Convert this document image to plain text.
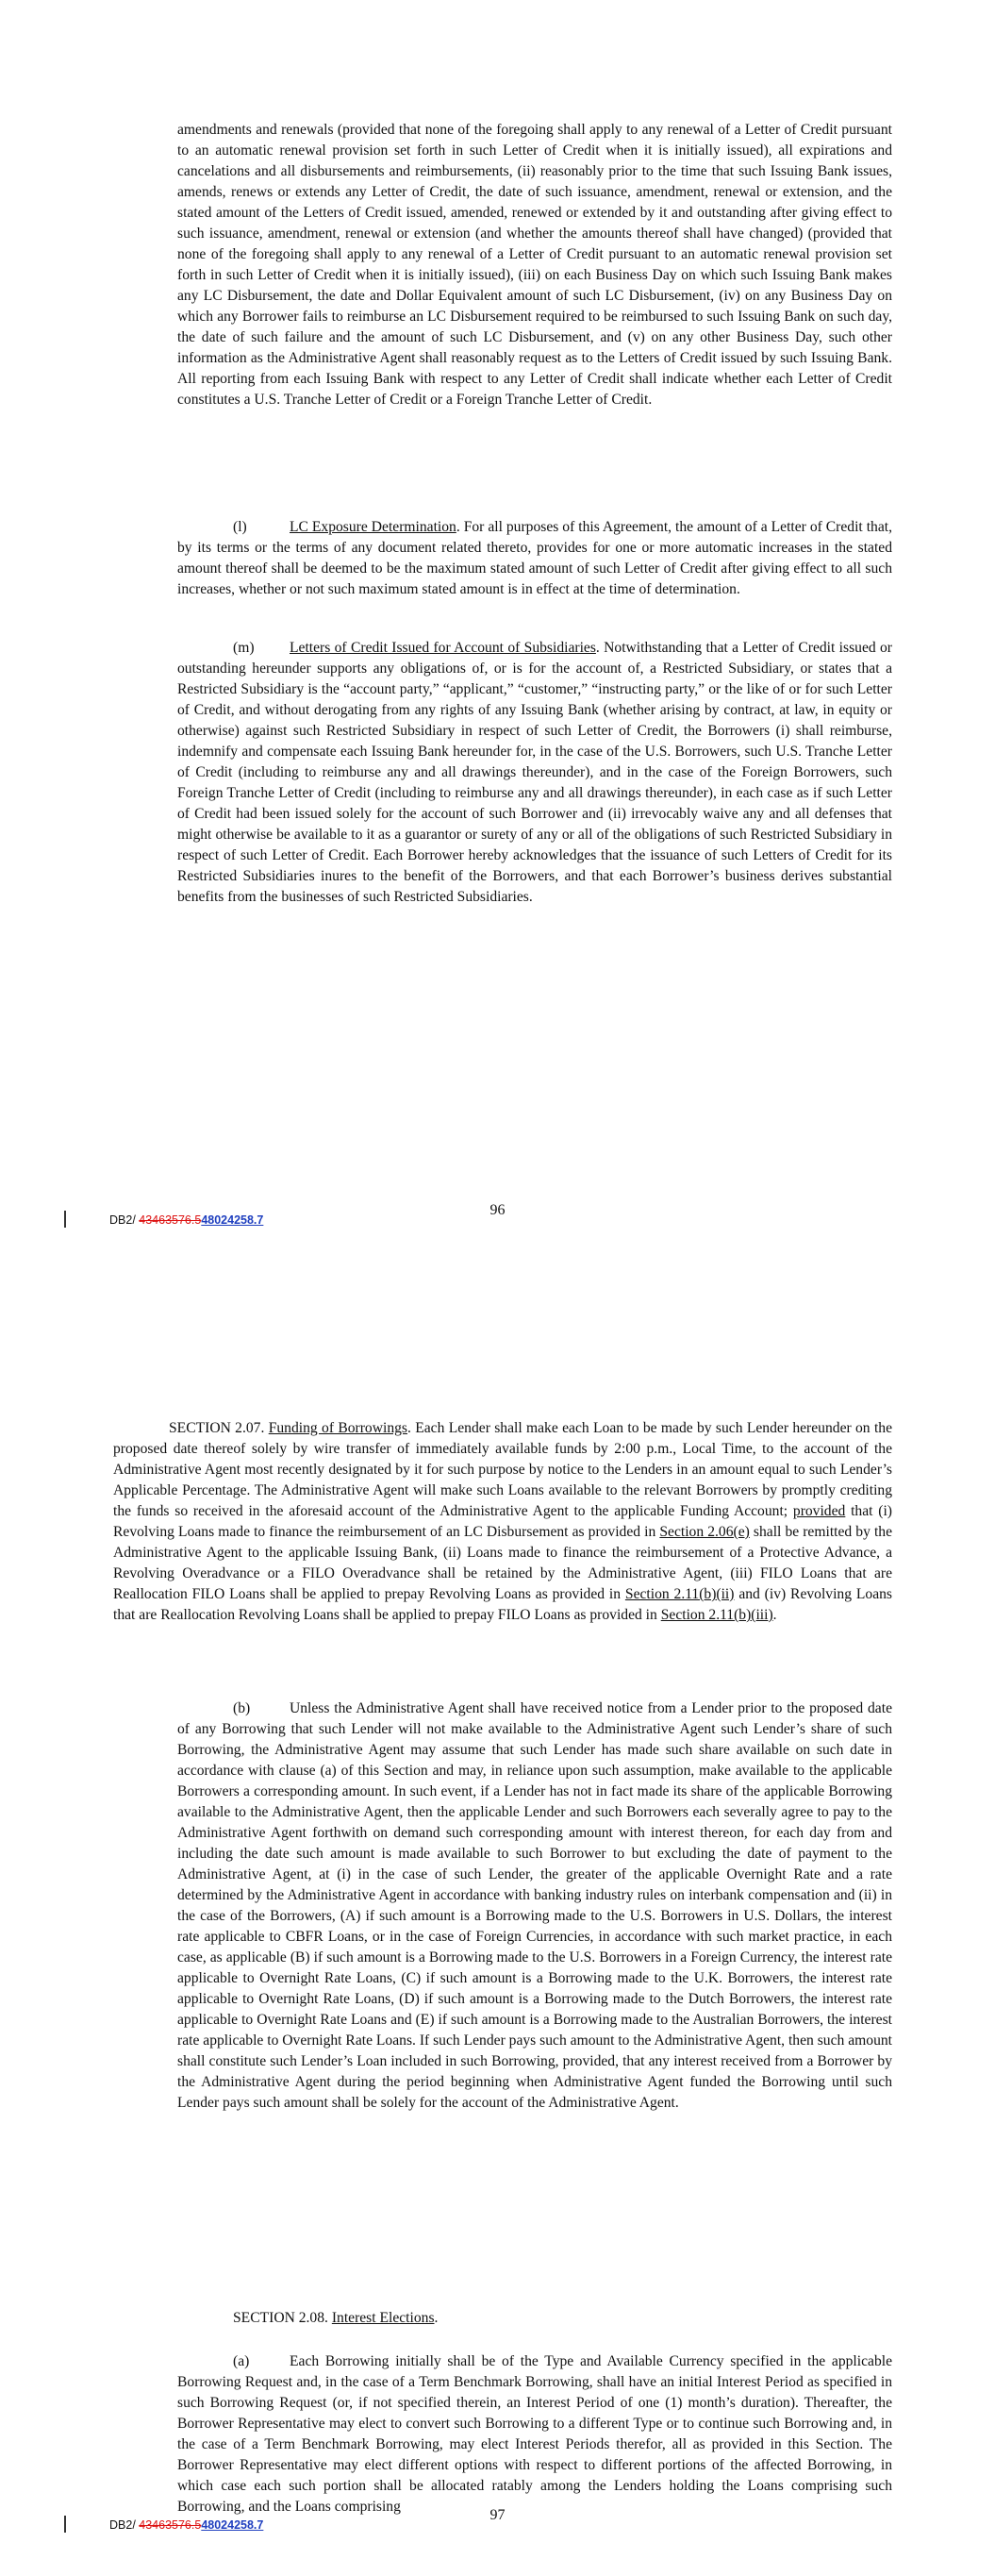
amendments and renewals (provided that none of the foregoing shall apply to any renewal of a Letter of Credit pursuant to an automatic renewal provision set forth in such Letter of Credit when it is initially issued), all expirations and cancelations and all disbursements and reimbursements, (ii) reasonably prior to the time that such Issuing Bank issues, amends, renews or extends any Letter of Credit, the date of such issuance, amendment, renewal or extension, and the stated amount of the Letters of Credit issued, amended, renewed or extended by it and outstanding after giving effect to such issuance, amendment, renewal or extension (and whether the amounts thereof shall have changed) (provided that none of the foregoing shall apply to any renewal of a Letter of Credit pursuant to an automatic renewal provision set forth in such Letter of Credit when it is initially issued), (iii) on each Business Day on which such Issuing Bank makes any LC Disbursement, the date and Dollar Equivalent amount of such LC Disbursement, (iv) on any Business Day on which any Borrower fails to reimburse an LC Disbursement required to be reimbursed to such Issuing Bank on such day, the date of such failure and the amount of such LC Disbursement, and (v) on any other Business Day, such other information as the Administrative Agent shall reasonably request as to the Letters of Credit issued by such Issuing Bank. All reporting from each Issuing Bank with respect to any Letter of Credit shall indicate whether each Letter of Credit constitutes a U.S. Tranche Letter of Credit or a Foreign Tranche Letter of Credit.

(l)	LC Exposure Determination. For all purposes of this Agreement, the amount of a Letter of Credit that, by its terms or the terms of any document related thereto, provides for one or more automatic increases in the stated amount thereof shall be deemed to be the maximum stated amount of such Letter of Credit after giving effect to all such increases, whether or not such maximum stated amount is in effect at the time of determination.

(m) Letters of Credit Issued for Account of Subsidiaries. Notwithstanding that a Letter of Credit issued or outstanding hereunder supports any obligations of, or is for the account of, a Restricted Subsidiary, or states that a Restricted Subsidiary is the “account party,” “applicant,” “customer,” “instructing party,” or the like of or for such Letter of Credit, and without derogating from any rights of any Issuing Bank (whether arising by contract, at law, in equity or otherwise) against such Restricted Subsidiary in respect of such Letter of Credit, the Borrowers (i) shall reimburse, indemnify and compensate each Issuing Bank hereunder for, in the case of the U.S. Borrowers, such U.S. Tranche Letter of Credit (including to reimburse any and all drawings thereunder), and in the case of the Foreign Borrowers, such Foreign Tranche Letter of Credit (including to reimburse any and all drawings thereunder), in each case as if such Letter of Credit had been issued solely for the account of such Borrower and (ii) irrevocably waive any and all defenses that might otherwise be available to it as a guarantor or surety of any or all of the obligations of such Restricted Subsidiary in respect of such Letter of Credit. Each Borrower hereby acknowledges that the issuance of such Letters of Credit for its Restricted Subsidiaries inures to the benefit of the Borrowers, and that each Borrower’s business derives substantial benefits from the businesses of such Restricted Subsidiaries.

96
DB2/ 43463576.548024258.7

SECTION 2.07. Funding of Borrowings. Each Lender shall make each Loan to be made by such Lender hereunder on the proposed date thereof solely by wire transfer of immediately available funds by 2:00 p.m., Local Time, to the account of the Administrative Agent most recently designated by it for such purpose by notice to the Lenders in an amount equal to such Lender’s Applicable Percentage. The Administrative Agent will make such Loans available to the relevant Borrowers by promptly crediting the funds so received in the aforesaid account of the Administrative Agent to the applicable Funding Account; provided that (i) Revolving Loans made to finance the reimbursement of an LC Disbursement as provided in Section 2.06(e) shall be remitted by the Administrative Agent to the applicable Issuing Bank, (ii) Loans made to finance the reimbursement of a Protective Advance, a Revolving Overadvance or a FILO Overadvance shall be retained by the Administrative Agent, (iii) FILO Loans that are Reallocation FILO Loans shall be applied to prepay Revolving Loans as provided in Section 2.11(b)(ii) and (iv) Revolving Loans that are Reallocation Revolving Loans shall be applied to prepay FILO Loans as provided in Section 2.11(b)(iii).

(b)	Unless the Administrative Agent shall have received notice from a Lender prior to the proposed date of any Borrowing that such Lender will not make available to the Administrative Agent such Lender’s share of such Borrowing, the Administrative Agent may assume that such Lender has made such share available on such date in accordance with clause (a) of this Section and may, in reliance upon such assumption, make available to the applicable Borrowers a corresponding amount. In such event, if a Lender has not in fact made its share of the applicable Borrowing available to the Administrative Agent, then the applicable Lender and such Borrowers each severally agree to pay to the Administrative Agent forthwith on demand such corresponding amount with interest thereon, for each day from and including the date such amount is made available to such Borrower to but excluding the date of payment to the Administrative Agent, at (i) in the case of such Lender, the greater of the applicable Overnight Rate and a rate determined by the Administrative Agent in accordance with banking industry rules on interbank compensation and (ii) in the case of the Borrowers, (A) if such amount is a Borrowing made to the U.S. Borrowers in U.S. Dollars, the interest rate applicable to CBFR Loans, or in the case of Foreign Currencies, in accordance with such market practice, in each case, as applicable (B) if such amount is a Borrowing made to the U.S. Borrowers in a Foreign Currency, the interest rate applicable to Overnight Rate Loans, (C) if such amount is a Borrowing made to the U.K. Borrowers, the interest rate applicable to Overnight Rate Loans, (D) if such amount is a Borrowing made to the Dutch Borrowers, the interest rate applicable to Overnight Rate Loans and (E) if such amount is a Borrowing made to the Australian Borrowers, the interest rate applicable to Overnight Rate Loans. If such Lender pays such amount to the Administrative Agent, then such amount shall constitute such Lender’s Loan included in such Borrowing, provided, that any interest received from a Borrower by the Administrative Agent during the period beginning when Administrative Agent funded the Borrowing until such Lender pays such amount shall be solely for the account of the Administrative Agent.

SECTION 2.08. Interest Elections.

(a)	Each Borrowing initially shall be of the Type and Available Currency specified in the applicable Borrowing Request and, in the case of a Term Benchmark Borrowing, shall have an initial Interest Period as specified in such Borrowing Request (or, if not specified therein, an Interest Period of one (1) month’s duration). Thereafter, the Borrower Representative may elect to convert such Borrowing to a different Type or to continue such Borrowing and, in the case of a Term Benchmark Borrowing, may elect Interest Periods therefor, all as provided in this Section. The Borrower Representative may elect different options with respect to different portions of the affected Borrowing, in which case each such portion shall be allocated ratably among the Lenders holding the Loans comprising such Borrowing, and the Loans comprising

97
DB2/ 43463576.548024258.7
